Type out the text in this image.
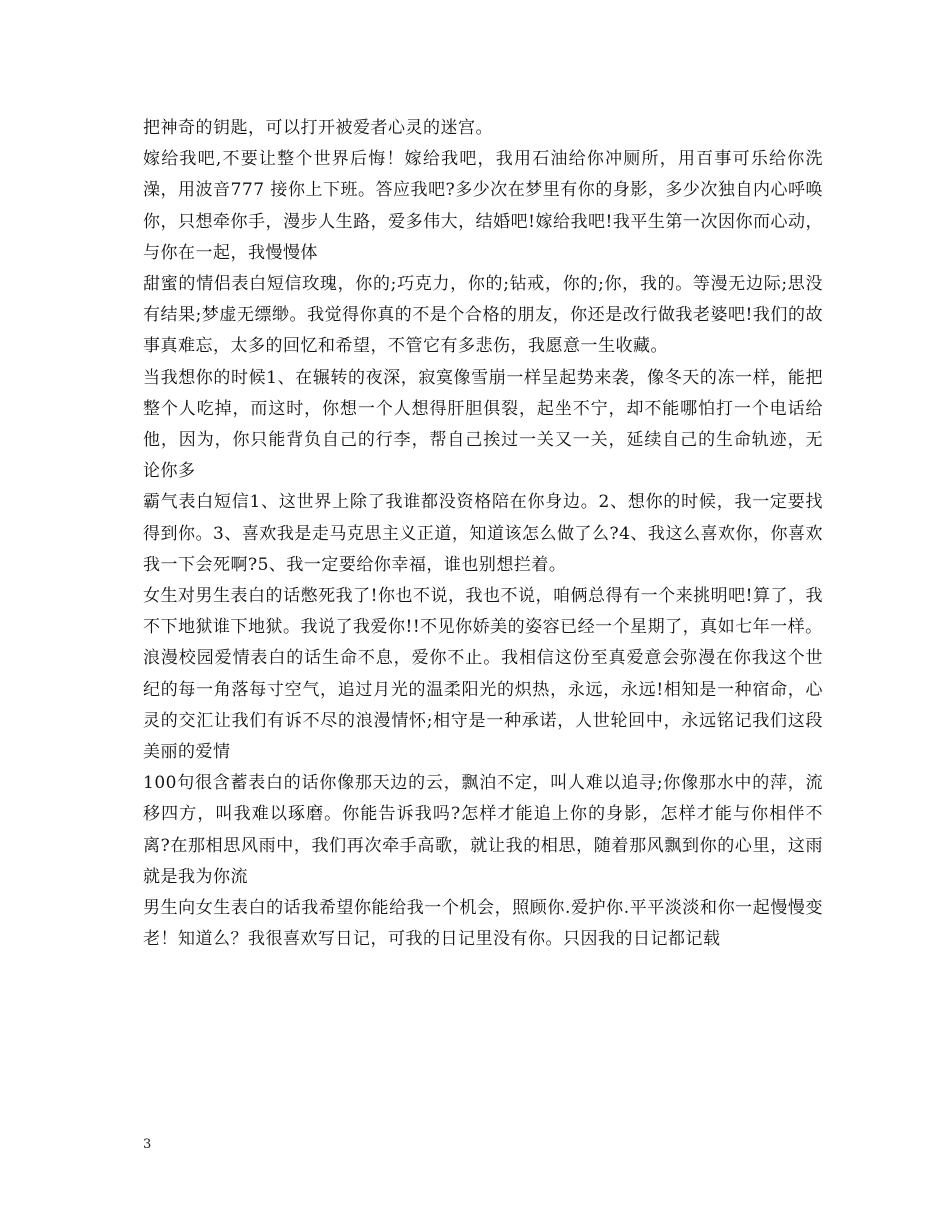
把神奇的钥匙，可以打开被爱者心灵的迷宫。

嫁给我吧,不要让整个世界后悔！嫁给我吧，我用石油给你冲厕所，用百事可乐给你洗澡，用波音777 接你上下班。答应我吧?多少次在梦里有你的身影，多少次独自内心呼唤你，只想牵你手，漫步人生路，爱多伟大，结婚吧!嫁给我吧!我平生第一次因你而心动，与你在一起，我慢慢体

甜蜜的情侣表白短信玫瑰，你的;巧克力，你的;钻戒，你的;你，我的。等漫无边际;思没有结果;梦虚无缥缈。我觉得你真的不是个合格的朋友，你还是改行做我老婆吧!我们的故事真难忘，太多的回忆和希望，不管它有多悲伤，我愿意一生收藏。

当我想你的时候1、在辗转的夜深，寂寞像雪崩一样呈起势来袭，像冬天的冻一样，能把整个人吃掉，而这时，你想一个人想得肝胆俱裂，起坐不宁，却不能哪怕打一个电话给他，因为，你只能背负自己的行李，帮自己挨过一关又一关，延续自己的生命轨迹，无论你多

霸气表白短信1、这世界上除了我谁都没资格陪在你身边。2、想你的时候，我一定要找得到你。3、喜欢我是走马克思主义正道，知道该怎么做了么?4、我这么喜欢你，你喜欢我一下会死啊?5、我一定要给你幸福，谁也别想拦着。

女生对男生表白的话憋死我了!你也不说，我也不说，咱俩总得有一个来挑明吧!算了，我不下地狱谁下地狱。我说了我爱你!!不见你娇美的姿容已经一个星期了，真如七年一样。

浪漫校园爱情表白的话生命不息，爱你不止。我相信这份至真爱意会弥漫在你我这个世纪的每一角落每寸空气，追过月光的温柔阳光的炽热，永远，永远!相知是一种宿命，心灵的交汇让我们有诉不尽的浪漫情怀;相守是一种承诺，人世轮回中，永远铭记我们这段美丽的爱情

100句很含蓄表白的话你像那天边的云，飘泊不定，叫人难以追寻;你像那水中的萍，流移四方，叫我难以琢磨。你能告诉我吗?怎样才能追上你的身影，怎样才能与你相伴不离?在那相思风雨中，我们再次牵手高歌，就让我的相思，随着那风飘到你的心里，这雨就是我为你流

男生向女生表白的话我希望你能给我一个机会，照顾你.爱护你.平平淡淡和你一起慢慢变老！知道么？我很喜欢写日记，可我的日记里没有你。只因我的日记都记载

3
